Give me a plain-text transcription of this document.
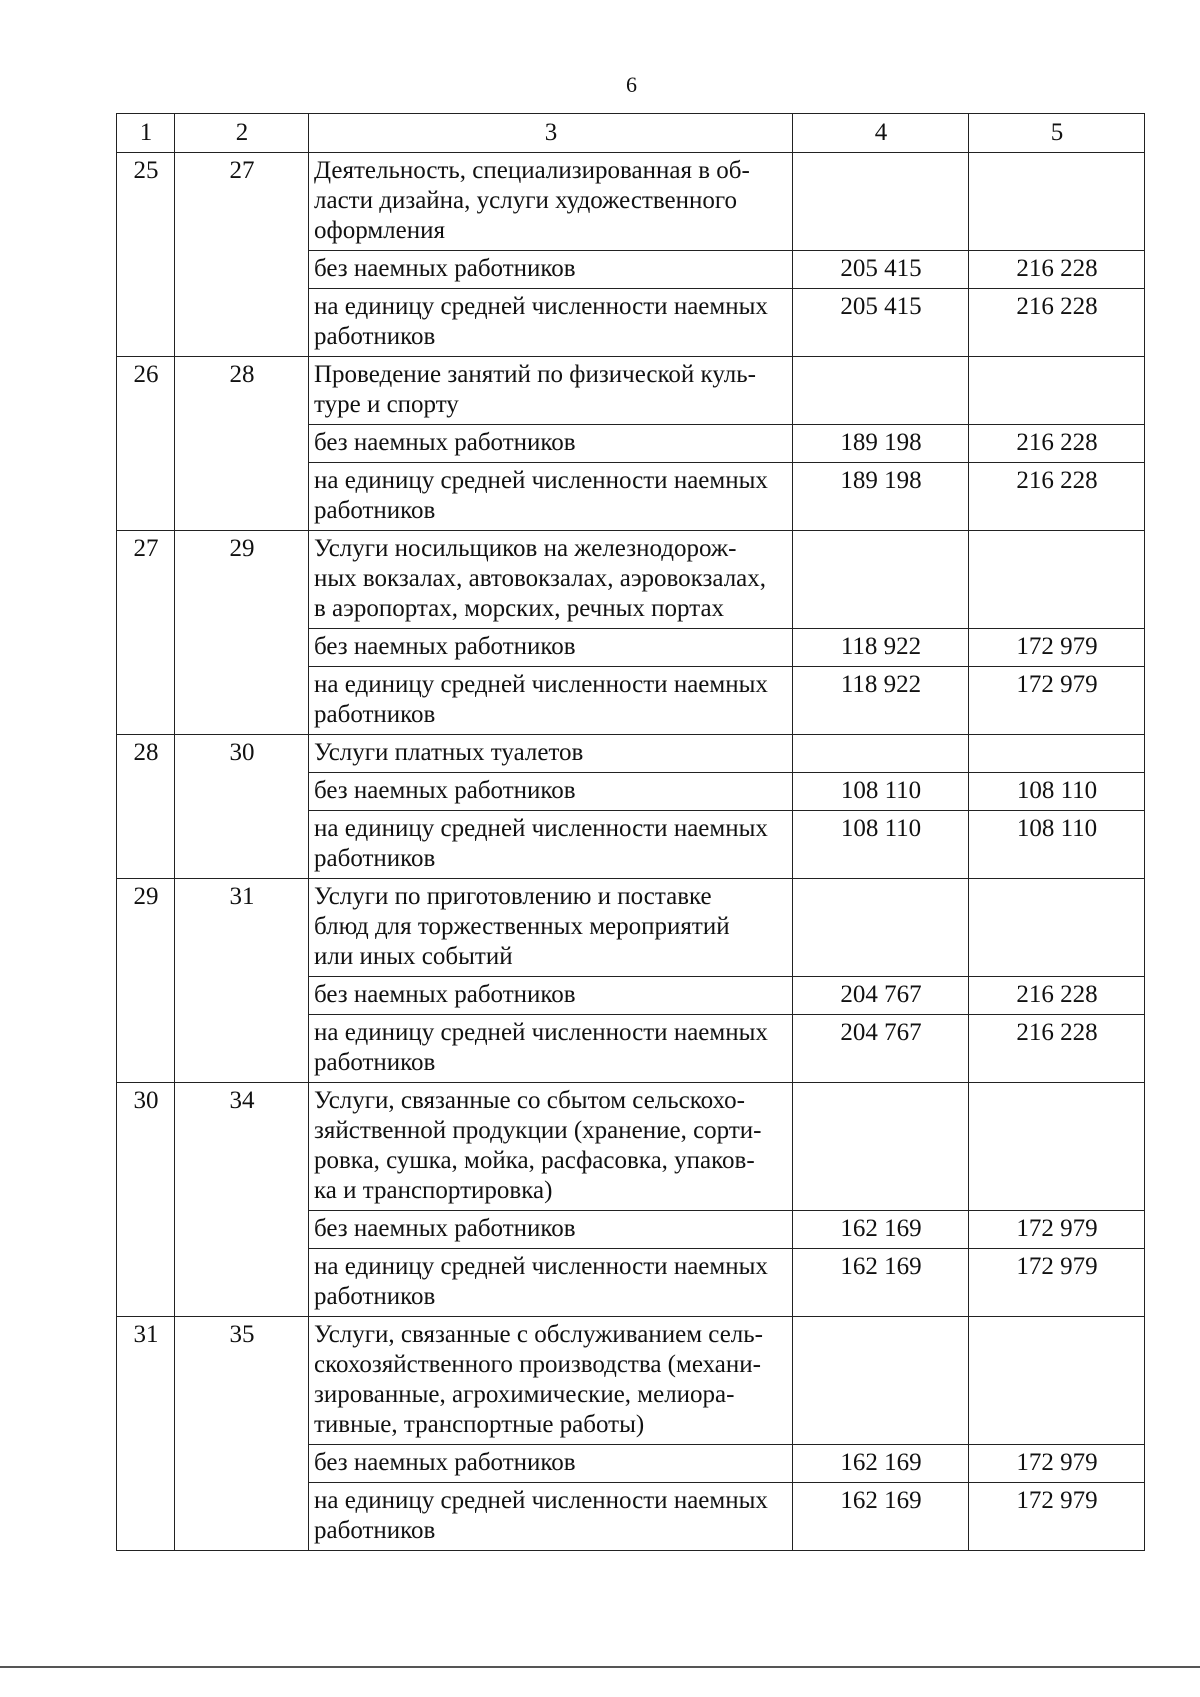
6
1	2	3	4	5
25	27	Деятельность, специализированная в об-
ласти дизайна, услуги художественного
оформления		
		без наемных работников	205 415	216 228
		на единицу средней численности наемных
работников	205 415	216 228
26	28	Проведение занятий по физической куль-
туре и спорту		
		без наемных работников	189 198	216 228
		на единицу средней численности наемных
работников	189 198	216 228
27	29	Услуги носильщиков на железнодорож-
ных вокзалах, автовокзалах, аэровокзалах,
в аэропортах, морских, речных портах		
		без наемных работников	118 922	172 979
		на единицу средней численности наемных
работников	118 922	172 979
28	30	Услуги платных туалетов		
		без наемных работников	108 110	108 110
		на единицу средней численности наемных
работников	108 110	108 110
29	31	Услуги по приготовлению и поставке
блюд для торжественных мероприятий
или иных событий		
		без наемных работников	204 767	216 228
		на единицу средней численности наемных
работников	204 767	216 228
30	34	Услуги, связанные со сбытом сельскохо-
зяйственной продукции (хранение, сорти-
ровка, сушка, мойка, расфасовка, упаков-
ка и транспортировка)		
		без наемных работников	162 169	172 979
		на единицу средней численности наемных
работников	162 169	172 979
31	35	Услуги, связанные с обслуживанием сель-
скохозяйственного производства (механи-
зированные, агрохимические, мелиора-
тивные, транспортные работы)		
		без наемных работников	162 169	172 979
		на единицу средней численности наемных
работников	162 169	172 979
